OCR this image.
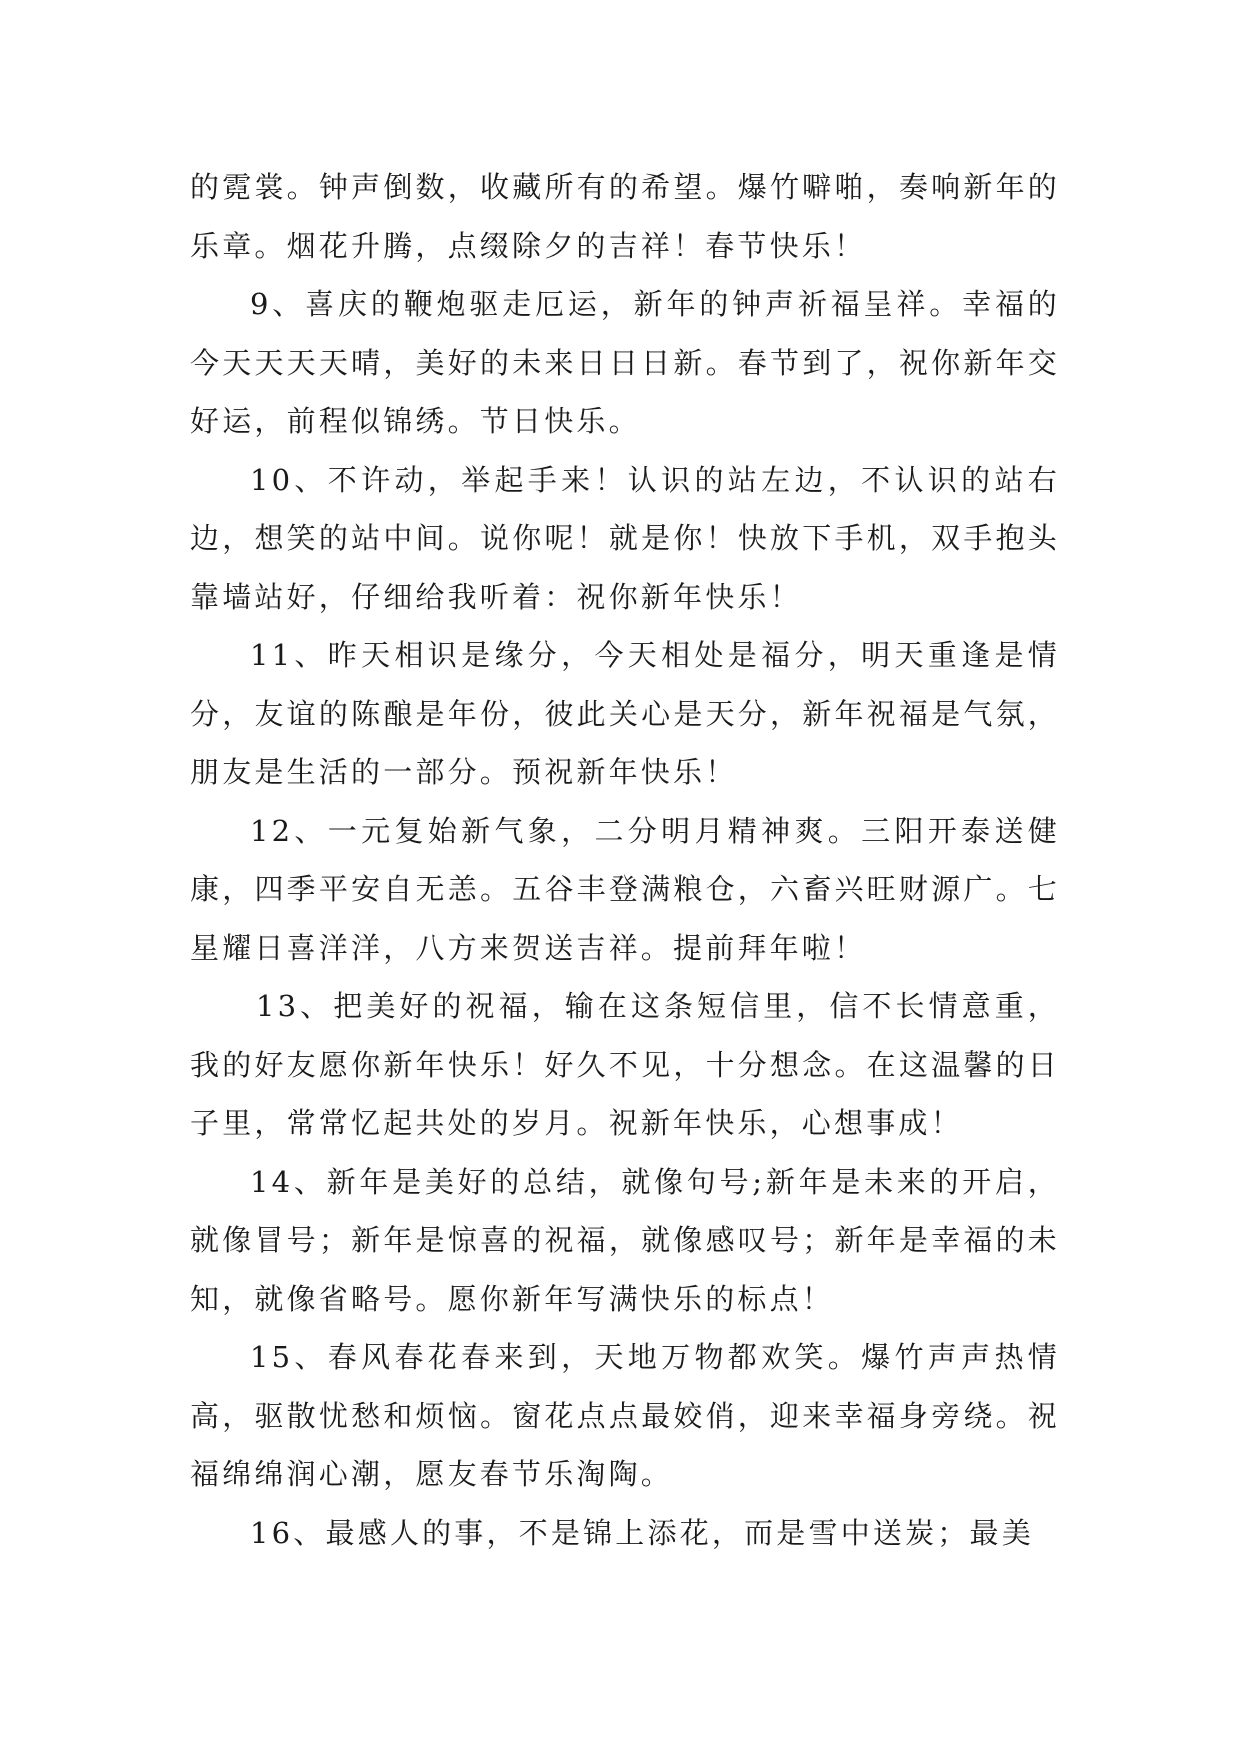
的霓裳。钟声倒数，收藏所有的希望。爆竹噼啪，奏响新年的乐章。烟花升腾，点缀除夕的吉祥！春节快乐！

9、喜庆的鞭炮驱走厄运，新年的钟声祈福呈祥。幸福的今天天天天晴，美好的未来日日日新。春节到了，祝你新年交好运，前程似锦绣。节日快乐。

10、不许动，举起手来！认识的站左边，不认识的站右边，想笑的站中间。说你呢！就是你！快放下手机，双手抱头靠墙站好，仔细给我听着：祝你新年快乐！

11、昨天相识是缘分，今天相处是福分，明天重逢是情分，友谊的陈酿是年份，彼此关心是天分，新年祝福是气氛，朋友是生活的一部分。预祝新年快乐！

12、一元复始新气象，二分明月精神爽。三阳开泰送健康，四季平安自无恙。五谷丰登满粮仓，六畜兴旺财源广。七星耀日喜洋洋，八方来贺送吉祥。提前拜年啦！

13、把美好的祝福，输在这条短信里，信不长情意重，我的好友愿你新年快乐！好久不见，十分想念。在这温馨的日子里，常常忆起共处的岁月。祝新年快乐，心想事成！

14、新年是美好的总结，就像句号;新年是未来的开启，就像冒号；新年是惊喜的祝福，就像感叹号；新年是幸福的未知，就像省略号。愿你新年写满快乐的标点！

15、春风春花春来到，天地万物都欢笑。爆竹声声热情高，驱散忧愁和烦恼。窗花点点最姣俏，迎来幸福身旁绕。祝福绵绵润心潮，愿友春节乐淘陶。

16、最感人的事，不是锦上添花，而是雪中送炭；最美
